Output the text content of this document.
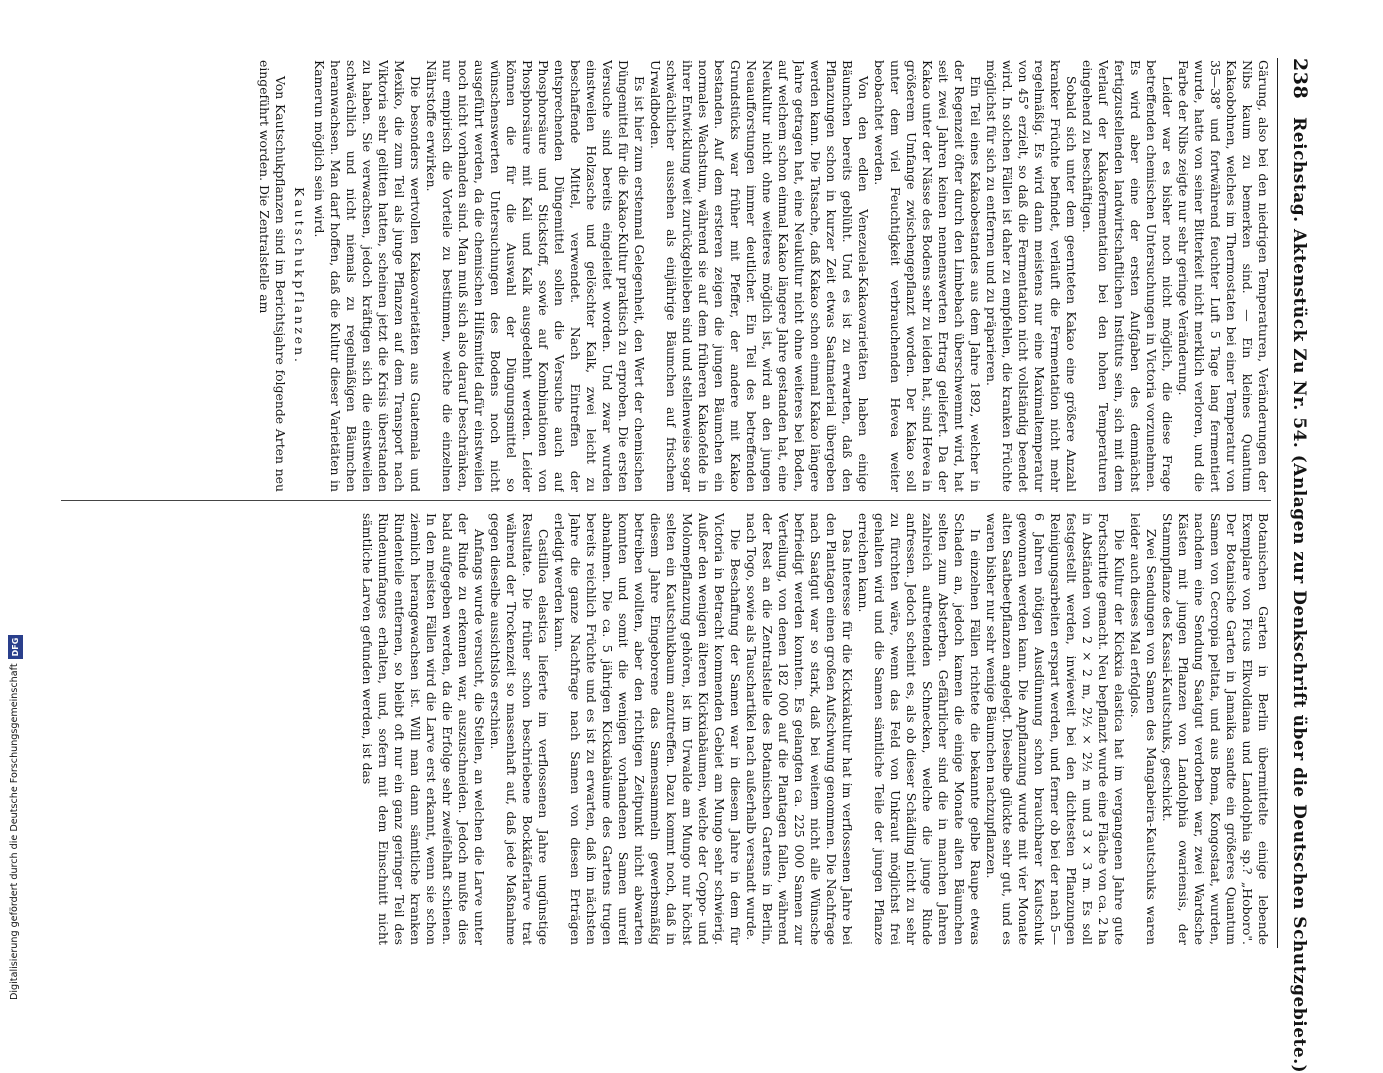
238
Reichstag. Aktenstück Zu Nr. 54. (Anlagen zur Denkschrift über die Deutschen Schutzgebiete.)

Gärung, also bei den niedrigen Temperaturen, Veränderungen der Nibs kaum zu bemerken sind. — Ein kleines Quantum Kakaobohnen, welches im Thermostaten bei einer Temperatur von 35—38° und fortwährend feuchter Luft 5 Tage lang fermentiert wurde, hatte von seiner Bitterkeit nicht merklich verloren, und die Farbe der Nibs zeigte nur sehr geringe Veränderung.

Leider war es bisher noch nicht möglich, die diese Frage betreffenden chemischen Untersuchungen in Victoria vorzunehmen. Es wird aber eine der ersten Aufgaben des demnächst fertigzustellenden landwirtschaftlichen Instituts sein, sich mit dem Verlauf der Kakaofermentation bei den hohen Temperaturen eingehend zu beschäftigen.

Sobald sich unter dem geernteten Kakao eine größere Anzahl kranker Früchte befindet, verläuft die Fermentation nicht mehr regelmäßig. Es wird dann meistens nur eine Maximaltemperatur von 45° erzielt, so daß die Fermentation nicht vollständig beendet wird. In solchen Fällen ist daher zu empfehlen, die kranken Früchte möglichst für sich zu entfernen und zu präparieren.

Ein Teil eines Kakaobestandes aus dem Jahre 1892, welcher in der Regenzeit öfter durch den Limbebach überschwemmt wird, hat seit zwei Jahren keinen nennenswerten Ertrag geliefert. Da der Kakao unter der Nässe des Bodens sehr zu leiden hat, sind Hevea in größerem Umfange zwischengepflanzt worden. Der Kakao soll unter dem viel Feuchtigkeit verbrauchenden Hevea weiter beobachtet werden.

Von den edlen Venezuela-Kakaovarietäten haben einige Bäumchen bereits geblüht. Und es ist zu erwarten, daß den Pflanzungen schon in kurzer Zeit etwas Saatmaterial übergeben werden kann. Die Tatsache, daß Kakao schon einmal Kakao längere Jahre getragen hat, eine Neukultur nicht ohne weiteres bei Boden, auf welchem schon einmal Kakao längere Jahre gestanden hat, eine Neukultur nicht ohne weiteres möglich ist, wird an den jungen Neuaufforstungen immer deutlicher. Ein Teil des betreffenden Grundstücks war früher mit Pfeffer, der andere mit Kakao bestanden. Auf dem ersteren zeigen die jungen Bäumchen ein normales Wachstum, während sie auf dem früheren Kakaofelde in ihrer Entwicklung weit zurückgeblieben sind und stellenweise sogar schwächlicher aussehen als einjährige Bäumchen auf frischem Urwaldboden.

Es ist hier zum erstenmal Gelegenheit, den Wert der chemischen Düngemittel für die Kakao-Kultur praktisch zu erproben. Die ersten Versuche sind bereits eingeleitet worden. Und zwar wurden einstweilen Holzasche und gelöschter Kalk, zwei leicht zu beschaffende Mittel, verwendet. Nach Eintreffen der entsprechenden Düngemittel sollen die Versuche auch auf Phosphorsäure und Stickstoff, sowie auf Kombinationen von Phosphorsäure mit Kali und Kalk ausgedehnt werden. Leider können die für die Auswahl der Düngungsmittel so wünschenswerten Untersuchungen des Bodens noch nicht ausgeführt werden, da die chemischen Hilfsmittel dafür einstweilen noch nicht vorhanden sind. Man muß sich also darauf beschränken, nur empirisch die Vorteile zu bestimmen, welche die einzelnen Nährstoffe erwirken.

Die besonders wertvollen Kakaovarietäten aus Guatemala und Mexiko, die zum Teil als junge Pflanzen auf dem Transport nach Viktoria sehr gelitten hatten, scheinen jetzt die Krisis überstanden zu haben. Sie verwachsen, jedoch kräftigen sich die einstweilen schwächlich und nicht niemals zu regelmäßigen Bäumchen heranwachsen. Man darf hoffen, daß die Kultur dieser Varietäten in Kamerun möglich sein wird.

Kautschukpflanzen.

Von Kautschukpflanzen sind im Berichtsjahre folgende Arten neu eingeführt worden. Die Zentralstelle am

Botanischen Garten in Berlin übermittelte einige lebende Exemplare von Ficus Elkvoldiana und Landolphia sp.? „Hoboro". Der Botanische Garten in Jamaika sandte ein größeres Quantum Samen von Cecropia peltata, und aus Boma, Kongostaat, wurden, nachdem eine Sendung Saatgut verdorben war, zwei Wardsche Kästen mit jungen Pflanzen von Landolphia owariensis, der Stammpflanze des Kassai-Kautschuks, geschickt.

Zwei Sendungen von Samen des Mangabeira-Kautschuks waren leider auch dieses Mal erfolglos.

Die Kultur der Kickxia elastica hat im vergangenen Jahre gute Fortschritte gemacht. Neu bepflanzt wurde eine Fläche von ca. 2 ha in Abständen von 2 × 2 m, 2½ × 2½ m und 3 × 3 m. Es soll festgestellt werden, inwieweit bei den dichtesten Pflanzungen Reinigungsarbeiten erspart werden, und ferner ob bei der nach 5—6 Jahren nötigen Ausdünnung schon brauchbarer Kautschuk gewonnen werden kann. Die Anpflanzung wurde mit vier Monate alten Saatbeetpflanzen angelegt. Dieselbe glückte sehr gut, und es waren bisher nur sehr wenige Bäumchen nachzupflanzen.

In einzelnen Fällen richtete die bekannte gelbe Raupe etwas Schaden an, jedoch kamen die einige Monate alten Bäumchen selten zum Absterben. Gefährlicher sind die in manchen Jahren zahlreich auftretenden Schnecken, welche die junge Rinde anfressen. Jedoch scheint es, als ob dieser Schädling nicht zu sehr zu fürchten wäre, wenn das Feld von Unkraut möglichst frei gehalten wird und die Samen sämtliche Teile der jungen Pflanze erreichen kann.

Das Interesse für die Kickxiakultur hat im verflossenen Jahre bei den Plantagen einen großen Aufschwung genommen. Die Nachfrage nach Saatgut war so stark, daß bei weitem nicht alle Wünsche befriedigt werden konnten. Es gelangten ca. 225 000 Samen zur Verteilung, von denen 182 000 auf die Plantagen fallen, während der Rest an die Zentralstelle des Botanischen Gartens in Berlin, nach Togo, sowie als Tauschartikel nach außerhalb versandt wurde.

Die Beschaffung der Samen war in diesem Jahre in dem für Victoria in Betracht kommenden Gebiet am Mungo sehr schwierig. Außer den wenigen älteren Kickxiabäumen, welche der Coppo- und Molomepflanzung gehören, ist im Urwalde am Mungo nur höchst selten ein Kautschukbaum anzutreffen. Dazu kommt noch, daß in diesem Jahre Eingeborene das Samensammeln gewerbsmäßig betreiben wollten, aber den richtigen Zeitpunkt nicht abwarten konnten und somit die wenigen vorhandenen Samen unreif abnahmen. Die ca. 5 jährigen Kickxiabäume des Gartens trugen bereits reichlich Früchte und es ist zu erwarten, daß im nächsten Jahre die ganze Nachfrage nach Samen von diesen Erträgen erledigt werden kann.

Castilloa elastica lieferte im verflossenen Jahre ungünstige Resultate. Die früher schon beschriebene Bockkäferlarve trat während der Trockenzeit so massenhaft auf, daß jede Maßnahme gegen dieselbe aussichtslos erschien.

Anfangs wurde versucht, die Stellen, an welchen die Larve unter der Rinde zu erkennen war, auszuschneiden. Jedoch mußte dies bald aufgegeben werden, da die Erfolge sehr zweifelhaft schienen. In den meisten Fällen wird die Larve erst erkannt, wenn sie schon ziemlich herangewachsen ist. Will man dann sämtliche kranken Rindenteile entfernen, so bleibt oft nur ein ganz geringer Teil des Rindenumfanges erhalten, und, sofern mit dem Einschnitt nicht sämtliche Larven gefunden werden, ist das

Digitalisierung gefördert durch die Deutsche Forschungsgemeinschaft
DFG
